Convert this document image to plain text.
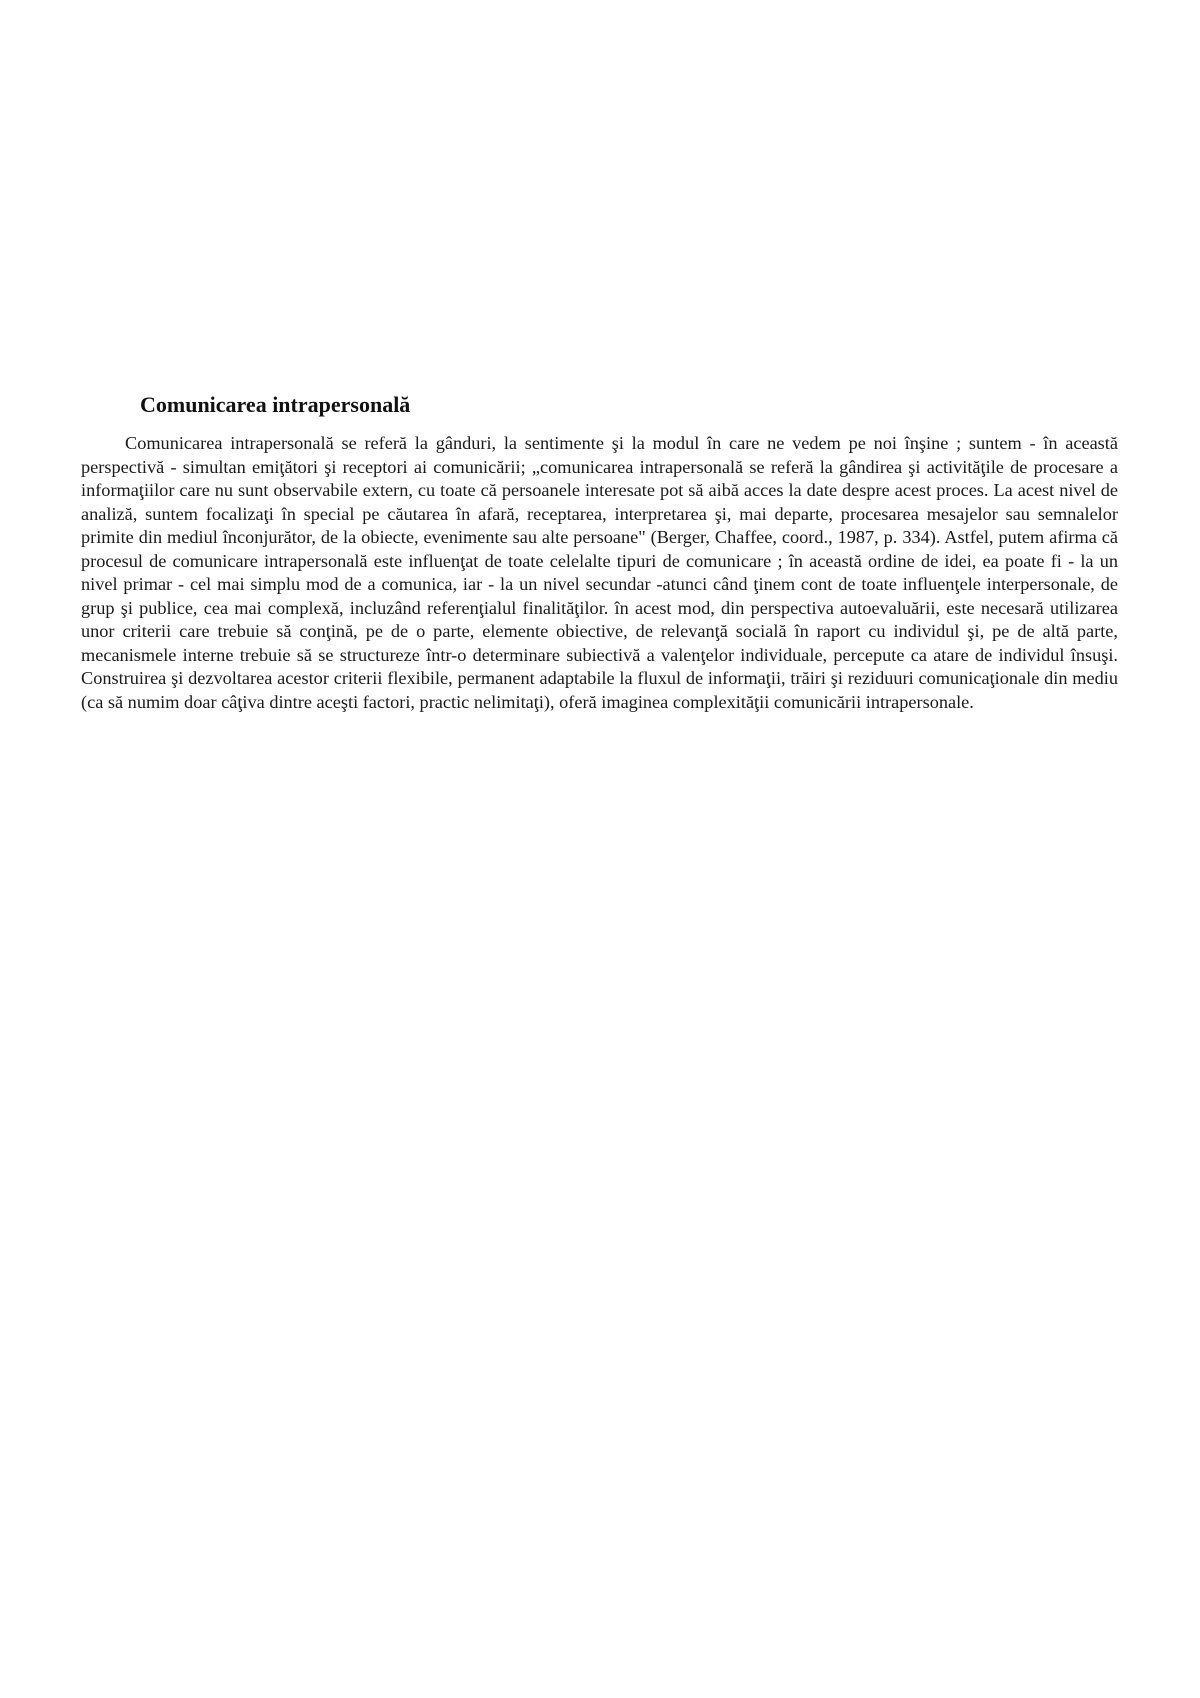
Comunicarea intrapersonală

Comunicarea intrapersonală se referă la gânduri, la sentimente şi la modul în care ne vedem pe noi înşine ; suntem - în această perspectivă - simultan emiţători şi receptori ai comunicării; „comunicarea intrapersonală se referă la gândirea şi activităţile de procesare a informaţiilor care nu sunt observabile extern, cu toate că persoanele interesate pot să aibă acces la date despre acest proces. La acest nivel de analiză, suntem focalizaţi în special pe căutarea în afară, receptarea, interpretarea şi, mai departe, procesarea mesajelor sau semnalelor primite din mediul înconjurător, de la obiecte, evenimente sau alte persoane" (Berger, Chaffee, coord., 1987, p. 334). Astfel, putem afirma că procesul de comunicare intrapersonală este influenţat de toate celelalte tipuri de comunicare ; în această ordine de idei, ea poate fi - la un nivel primar - cel mai simplu mod de a comunica, iar - la un nivel secundar -atunci când ţinem cont de toate influenţele interpersonale, de grup şi publice, cea mai complexă, incluzând referenţialul finalităţilor. în acest mod, din perspectiva autoevaluării, este necesară utilizarea unor criterii care trebuie să conţină, pe de o parte, elemente obiective, de relevanţă socială în raport cu individul şi, pe de altă parte, mecanismele interne trebuie să se structureze într-o determinare subiectivă a valenţelor individuale, percepute ca atare de individul însuşi. Construirea şi dezvoltarea acestor criterii flexibile, permanent adaptabile la fluxul de informaţii, trăiri şi reziduuri comunicaţionale din mediu (ca să numim doar câţiva dintre aceşti factori, practic nelimitaţi), oferă imaginea complexităţii comunicării intrapersonale.
